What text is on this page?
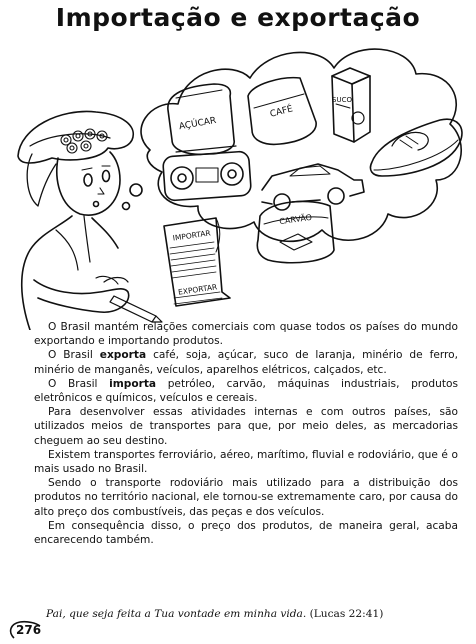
Importação e exportação
AÇÚCAR
CAFÉ
SUCO
CARVÃO
IMPORTAR
EXPORTAR

O Brasil mantém relações comerciais com quase todos os países do mundo exportando e importando produtos.

O Brasil exporta café, soja, açúcar, suco de laranja, minério de ferro, minério de manganês, veículos, aparelhos elétricos, calçados, etc.

O Brasil importa petróleo, carvão, máquinas industriais, produtos eletrônicos e químicos, veículos e cereais.

Para desenvolver essas atividades internas e com outros países, são utilizados meios de transportes para que, por meio deles, as mercadorias cheguem ao seu destino.

Existem transportes ferroviário, aéreo, marítimo, fluvial e rodoviário, que é o mais usado no Brasil.

Sendo o transporte rodoviário mais utilizado para a distribuição dos produtos no território nacional, ele tornou-se extremamente caro, por causa do alto preço dos combustíveis, das peças e dos veículos.

Em consequência disso, o preço dos produtos, de maneira geral, acaba encarecendo também.

Pai, que seja feita a Tua vontade em minha vida. (Lucas 22:41)
276
